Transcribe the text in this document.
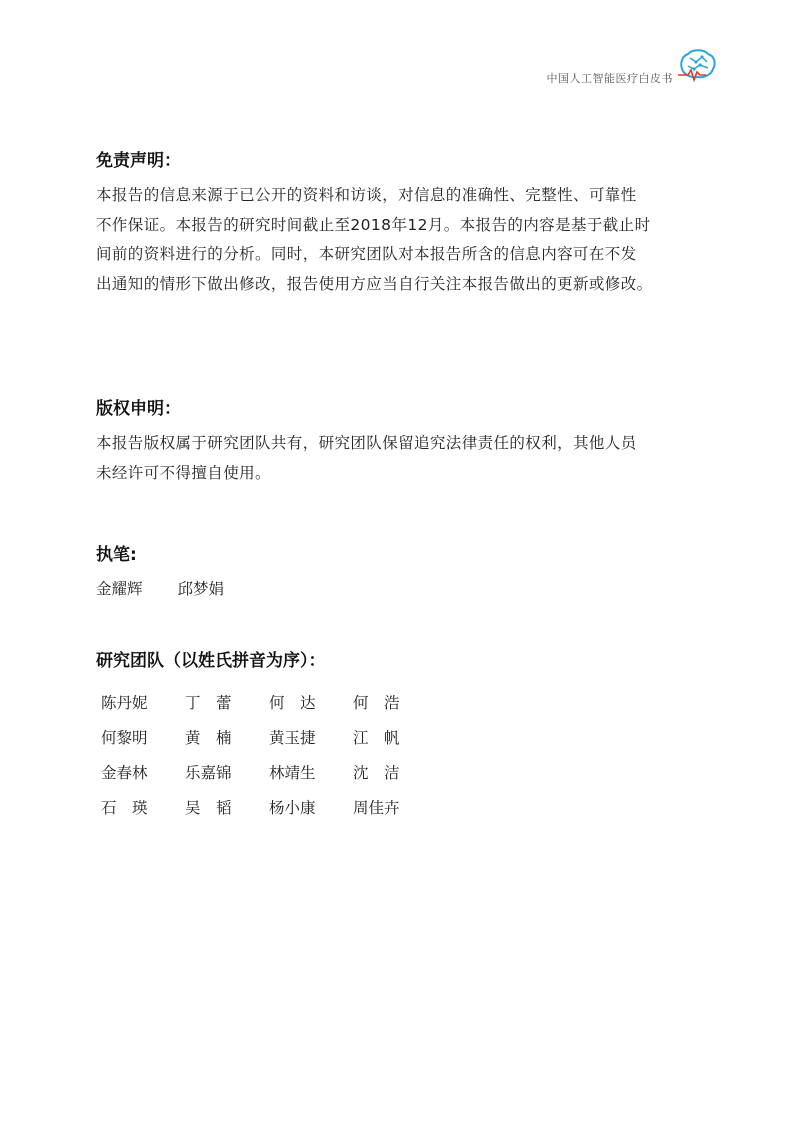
中国人工智能医疗白皮书
免责声明：

本报告的信息来源于已公开的资料和访谈，对信息的准确性、完整性、可靠性
不作保证。本报告的研究时间截止至2018年12月。本报告的内容是基于截止时
间前的资料进行的分析。同时，本研究团队对本报告所含的信息内容可在不发
出通知的情形下做出修改，报告使用方应当自行关注本报告做出的更新或修改。

版权申明：

本报告版权属于研究团队共有，研究团队保留追究法律责任的权利，其他人员
未经许可不得擅自使用。

执笔:
金耀辉 邱梦娟
研究团队（以姓氏拼音为序）：
陈丹妮	丁　蕾	何　达	何　浩
何黎明	黄　楠	黄玉捷	江　帆
金春林	乐嘉锦	林靖生	沈　洁
石　瑛	吴　韬	杨小康	周佳卉
